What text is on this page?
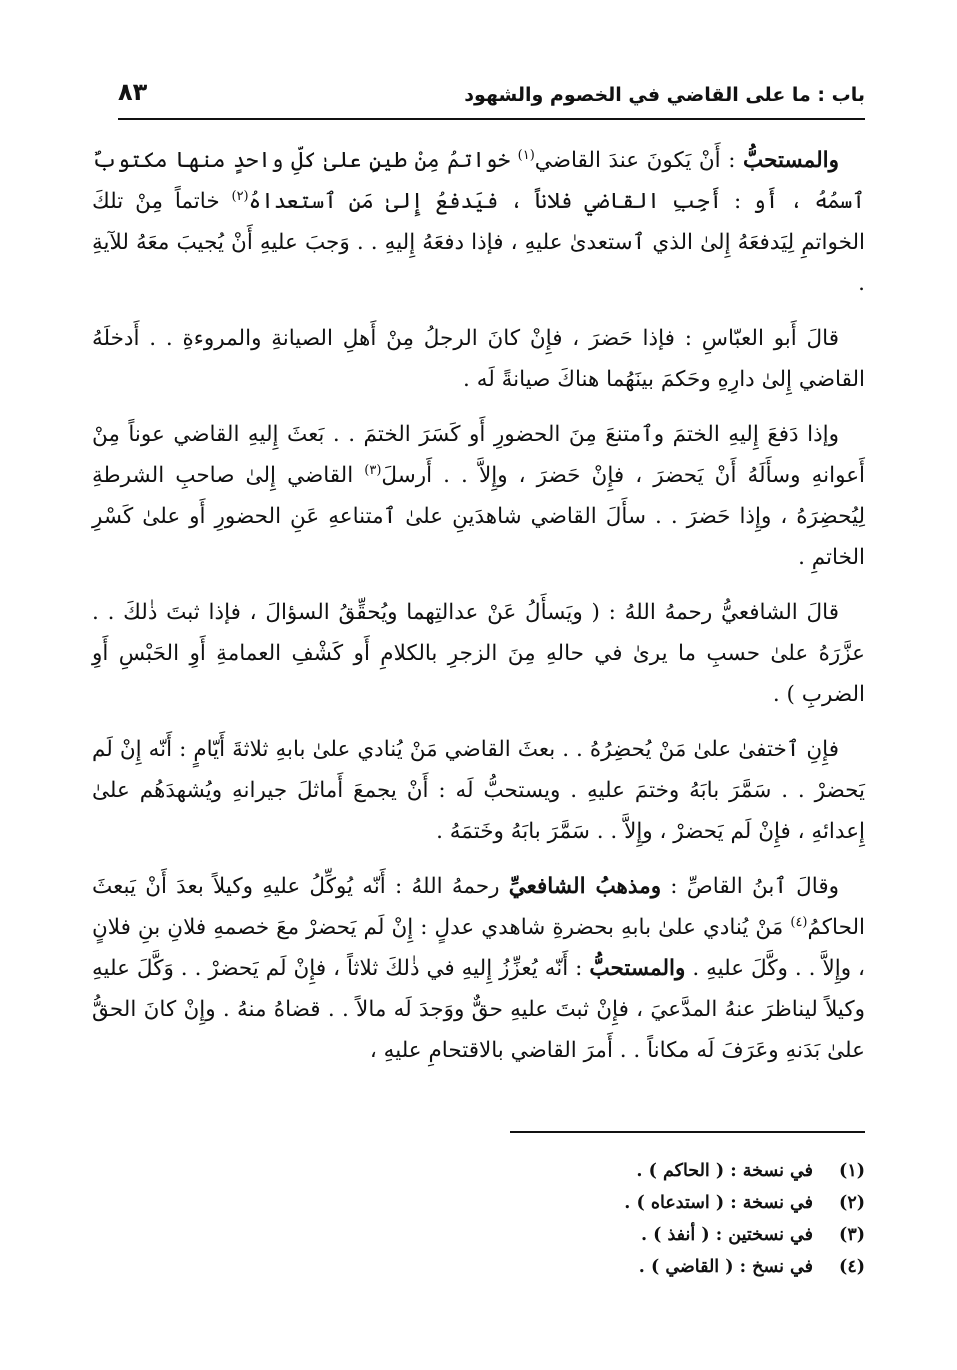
باب : ما على القاضي في الخصوم والشهود
٨٣

والمستحبُّ : أَنْ يَكونَ عندَ القاضي$^{(١)}$ خواتمُ مِنْ طينٍ علىٰ كلِّ واحدٍ منها مكتوبٌ ٱسمُهُ ، أَو : أَجِبِ القاضي فلاناً ، فيَدفعُ إِلىٰ مَنِ ٱستعداهُ$^{(٢)}$ خاتماً مِنْ تلكَ الخواتمِ لِيَدفعَهُ إِلىٰ الذي ٱستعدىٰ عليهِ ، فإذا دفعَهُ إِليهِ . . وَجبَ عليهِ أَنْ يُجيبَ معَهُ للآيةِ .

قالَ أَبو العبّاسِ : فإذا حَضرَ ، فإِنْ كانَ الرجلُ مِنْ أَهلِ الصيانةِ والمروءةِ . . أَدخلَهُ القاضي إِلىٰ دارِهِ وحَكمَ بينَهُما هناكَ صيانةً لَه .

وإذا دَفعَ إِليهِ الختمَ وٱمتنعَ مِنَ الحضورِ أَو كَسَرَ الختمَ . . بَعثَ إِليهِ القاضي عوناً مِنْ أَعوانهِ وسأَلَهُ أَنْ يَحضرَ ، فإِنْ حَضرَ ، وإِلاَّ . . أَرسلَ$^{(٣)}$ القاضي إِلىٰ صاحبِ الشرطةِ لِيُحضِرَهُ ، وإِذا حَضرَ . . سأَلَ القاضي شاهدَينِ علىٰ ٱمتناعهِ عَنِ الحضورِ أَو علىٰ كَسْرِ الخاتمِ .

قالَ الشافعيُّ رحمهُ اللهُ : ( ويَسأَلُ عَنْ عدالتِهما ويُحقِّقُ السؤالَ ، فإذا ثبتَ ذٰلكَ . . عزَّرَهُ علىٰ حسبِ ما يرىٰ في حالهِ مِنَ الزجرِ بالكلامِ أَو كَشْفِ العمامةِ أَوِ الحَبْسِ أَوِ الضربِ ) .

فإِنِ ٱختفىٰ علىٰ مَنْ يُحضِرُهُ . . بعثَ القاضي مَنْ يُنادي علىٰ بابهِ ثلاثةَ أَيّامٍ : أَنّه إِنْ لَم يَحضرْ . . سَمَّرَ بابَهُ وختمَ عليهِ . ويستحبُّ لَه : أَنْ يجمعَ أَماثلَ جيرانهِ ويُشهدَهُم علىٰ إِعدائهِ ، فإِنْ لَم يَحضرْ ، وإِلاَّ . . سَمَّرَ بابَهُ وخَتمَهُ .

وقالَ ٱبنُ القاصِّ : ومذهبُ الشافعيِّ رحمهُ اللهُ : أَنّه يُوكِّلُ عليهِ وكيلاً بعدَ أَنْ يَبعثَ الحاكمُ$^{(٤)}$ مَنْ يُنادي علىٰ بابهِ بحضرةِ شاهدي عدلٍ : إِنْ لَم يَحضرْ معَ خصمهِ فلانِ بنِ فلانٍ ، وإِلاَّ . . وكَّلَ عليهِ . والمستحبُّ : أَنّه يُعزِّزُ إِليهِ في ذٰلكَ ثلاثاً ، فإِنْ لَم يَحضرْ . . وَكَّلَ عليهِ وكيلاً ليناظرَ عنهُ المدَّعيَ ، فإِنْ ثبتَ عليهِ حقٌّ ووَجدَ لَه مالاً . . قضاهُ منهُ . وإِنْ كانَ الحقُّ علىٰ بَدَنهِ وعَرَفَ لَه مكاناً . . أَمرَ القاضي بالاقتحامِ عليهِ ،

(١)في نسخة : ( الحاكم ) .
(٢)في نسخة : ( استدعاه ) .
(٣)في نسختين : ( أنفذ ) .
(٤)في نسخ : ( القاضي ) .
